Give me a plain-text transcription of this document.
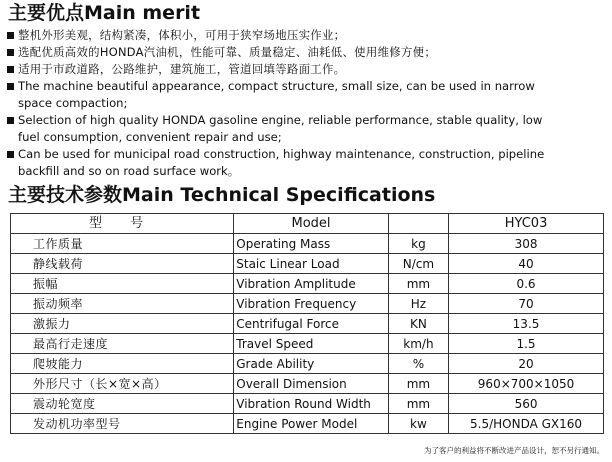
主要优点Main merit
整机外形美观，结构紧凑，体积小，可用于狭窄场地压实作业；
选配优质高效的HONDA汽油机，性能可靠、质量稳定、油耗低、使用维修方便；
适用于市政道路，公路维护，建筑施工，管道回填等路面工作。
The machine beautiful appearance, compact structure, small size, can be used in narrow
space compaction;
Selection of high quality HONDA gasoline engine, reliable performance, stable quality, low
fuel consumption, convenient repair and use;
Can be used for municipal road construction, highway maintenance, construction, pipeline
backfill and so on road surface work。
主要技术参数Main Technical Specifications
型 号	Model		HYC03
工作质量	Operating Mass	kg	308
静线载荷	Staic Linear Load	N/cm	40
振幅	Vibration Amplitude	mm	0.6
振动频率	Vibration Frequency	Hz	70
激振力	Centrifugal Force	KN	13.5
最高行走速度	Travel Speed	km/h	1.5
爬坡能力	Grade Ability	%	20
外形尺寸（长×宽×高）	Overall Dimension	mm	960×700×1050
震动轮宽度	Vibration Round Width	mm	560
发动机功率型号	Engine Power Model	kw	5.5/HONDA GX160
为了客户的利益将不断改进产品设计，恕不另行通知。
